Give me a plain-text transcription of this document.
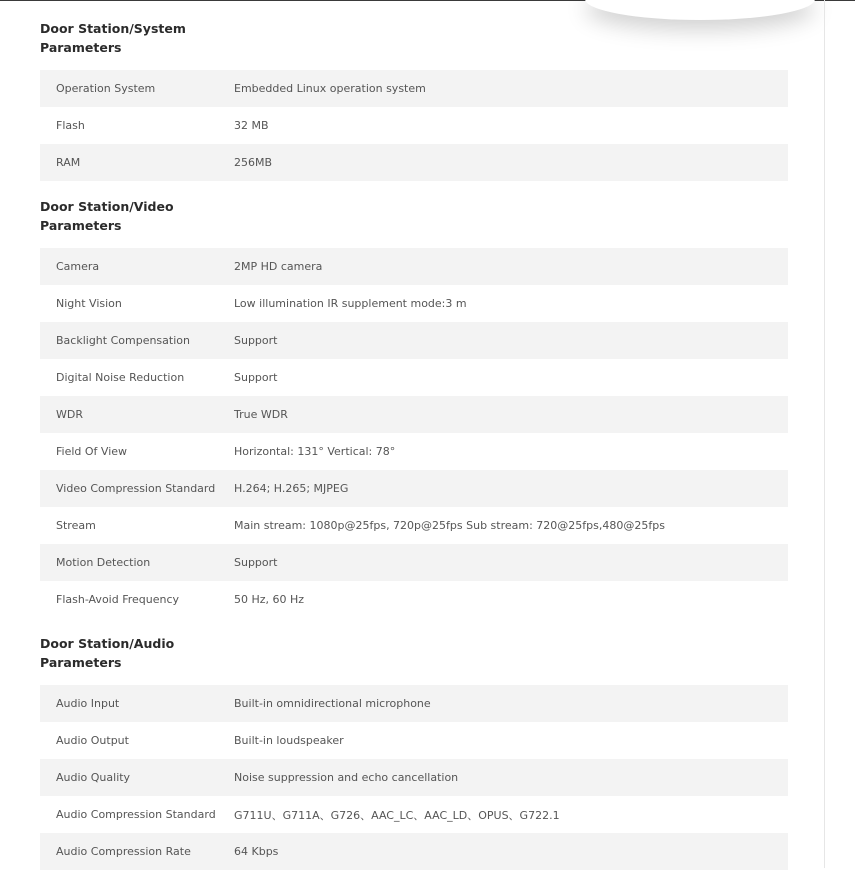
Door Station/System Parameters
Operation System	Embedded Linux operation system
Flash	32 MB
RAM	256MB
Door Station/Video Parameters
Camera	2MP HD camera
Night Vision	Low illumination IR supplement mode:3 m
Backlight Compensation	Support
Digital Noise Reduction	Support
WDR	True WDR
Field Of View	Horizontal: 131° Vertical: 78°
Video Compression Standard	H.264; H.265; MJPEG
Stream	Main stream: 1080p@25fps, 720p@25fps Sub stream: 720@25fps,480@25fps
Motion Detection	Support
Flash-Avoid Frequency	50 Hz, 60 Hz
Door Station/Audio Parameters
Audio Input	Built-in omnidirectional microphone
Audio Output	Built-in loudspeaker
Audio Quality	Noise suppression and echo cancellation
Audio Compression Standard	G711U、G711A、G726、AAC_LC、AAC_LD、OPUS、G722.1
Audio Compression Rate	64 Kbps
